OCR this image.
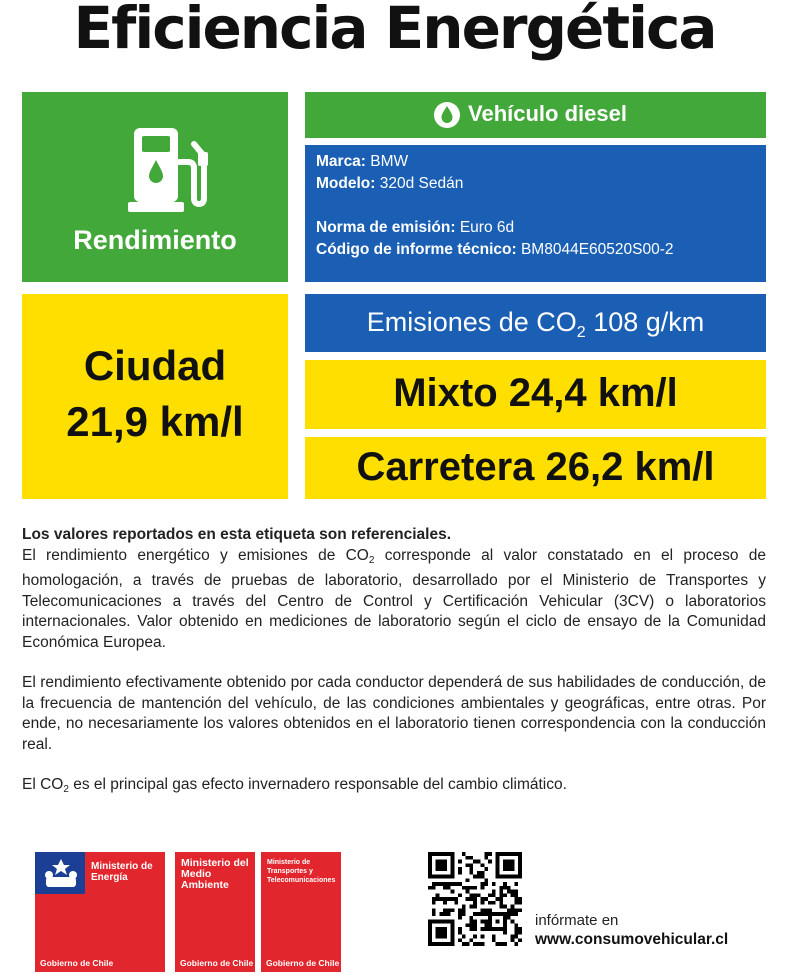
Eficiencia Energética
Rendimiento
Vehículo diesel
Marca: BMW
Modelo: 320d Sedán
Norma de emisión: Euro 6d
Código de informe técnico: BM8044E60520S00-2
Ciudad
21,9 km/l
Emisiones de $CO_2$ 108 g/km
Mixto 24,4 km/l
Carretera 26,2 km/l

Los valores reportados en esta etiqueta son referenciales.

El rendimiento energético y emisiones de $CO_2$ corresponde al valor constatado en el proceso de homologación, a través de pruebas de laboratorio, desarrollado por el Ministerio de Transportes y Telecomunicaciones a través del Centro de Control y Certificación Vehicular (3CV) o laboratorios internacionales. Valor obtenido en mediciones de laboratorio según el ciclo de ensayo de la Comunidad Económica Europea.

El rendimiento efectivamente obtenido por cada conductor dependerá de sus habilidades de conducción, de la frecuencia de mantención del vehículo, de las condiciones ambientales y geográficas, entre otras. Por ende, no necesariamente los valores obtenidos en el laboratorio tienen correspondencia con la conducción real.

El $CO_2$ es el principal gas efecto invernadero responsable del cambio climático.

Ministerio de
Energía
Gobierno de Chile
Ministerio del
Medio
Ambiente
Gobierno de Chile
Ministerio de
Transportes y
Telecomunicaciones
Gobierno de Chile
infórmate en
www.consumovehicular.cl
